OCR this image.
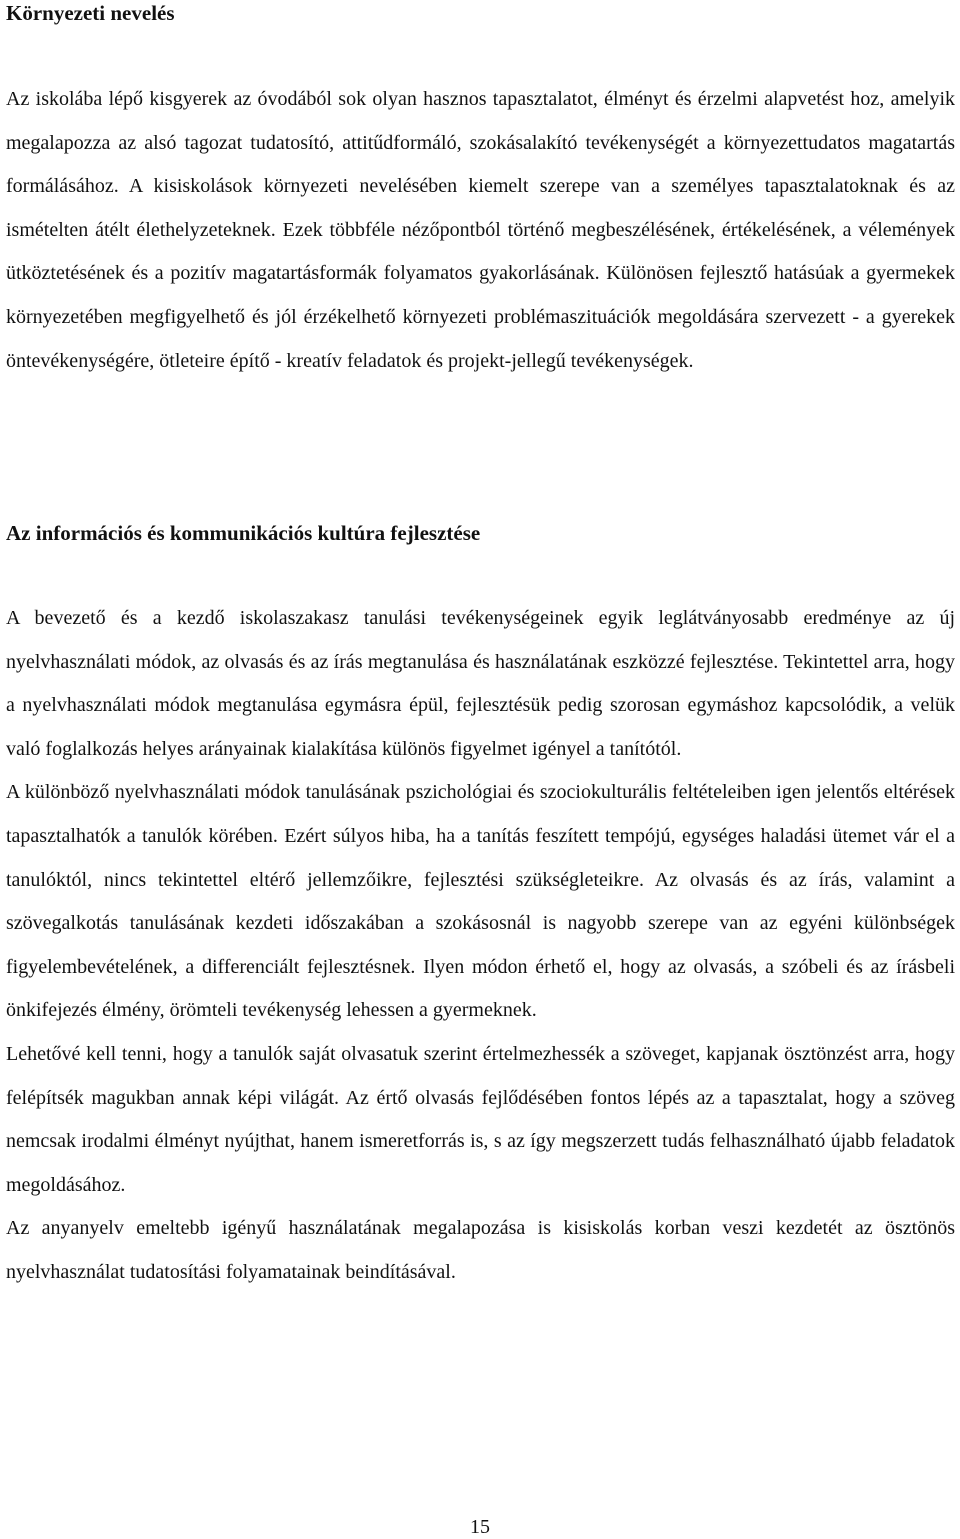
Környezeti nevelés

Az iskolába lépő kisgyerek az óvodából sok olyan hasznos tapasztalatot, élményt és érzelmi alapvetést hoz, amelyik megalapozza az alsó tagozat tudatosító, attitűdformáló, szokásalakító tevékenységét a környezettudatos magatartás formálásához. A kisiskolások környezeti nevelésében kiemelt szerepe van a személyes tapasztalatoknak és az ismételten átélt élethelyzeteknek. Ezek többféle nézőpontból történő megbeszélésének, értékelésének, a vélemények ütköztetésének és a pozitív magatartásformák folyamatos gyakorlásának. Különösen fejlesztő hatásúak a gyermekek környezetében megfigyelhető és jól érzékelhető környezeti problémaszituációk megoldására szervezett - a gyerekek öntevékenységére, ötleteire építő - kreatív feladatok és projekt-jellegű tevékenységek.

Az információs és kommunikációs kultúra fejlesztése

A bevezető és a kezdő iskolaszakasz tanulási tevékenységeinek egyik leglátványosabb eredménye az új nyelvhasználati módok, az olvasás és az írás megtanulása és használatának eszközzé fejlesztése. Tekintettel arra, hogy a nyelvhasználati módok megtanulása egymásra épül, fejlesztésük pedig szorosan egymáshoz kapcsolódik, a velük való foglalkozás helyes arányainak kialakítása különös figyelmet igényel a tanítótól.

A különböző nyelvhasználati módok tanulásának pszichológiai és szociokulturális feltételeiben igen jelentős eltérések tapasztalhatók a tanulók körében. Ezért súlyos hiba, ha a tanítás feszített tempójú, egységes haladási ütemet vár el a tanulóktól, nincs tekintettel eltérő jellemzőikre, fejlesztési szükségleteikre. Az olvasás és az írás, valamint a szövegalkotás tanulásának kezdeti időszakában a szokásosnál is nagyobb szerepe van az egyéni különbségek figyelembevételének, a differenciált fejlesztésnek. Ilyen módon érhető el, hogy az olvasás, a szóbeli és az írásbeli önkifejezés élmény, örömteli tevékenység lehessen a gyermeknek.

Lehetővé kell tenni, hogy a tanulók saját olvasatuk szerint értelmezhessék a szöveget, kapjanak ösztönzést arra, hogy felépítsék magukban annak képi világát. Az értő olvasás fejlődésében fontos lépés az a tapasztalat, hogy a szöveg nemcsak irodalmi élményt nyújthat, hanem ismeretforrás is, s az így megszerzett tudás felhasználható újabb feladatok megoldásához.

Az anyanyelv emeltebb igényű használatának megalapozása is kisiskolás korban veszi kezdetét az ösztönös nyelvhasználat tudatosítási folyamatainak beindításával.

15
